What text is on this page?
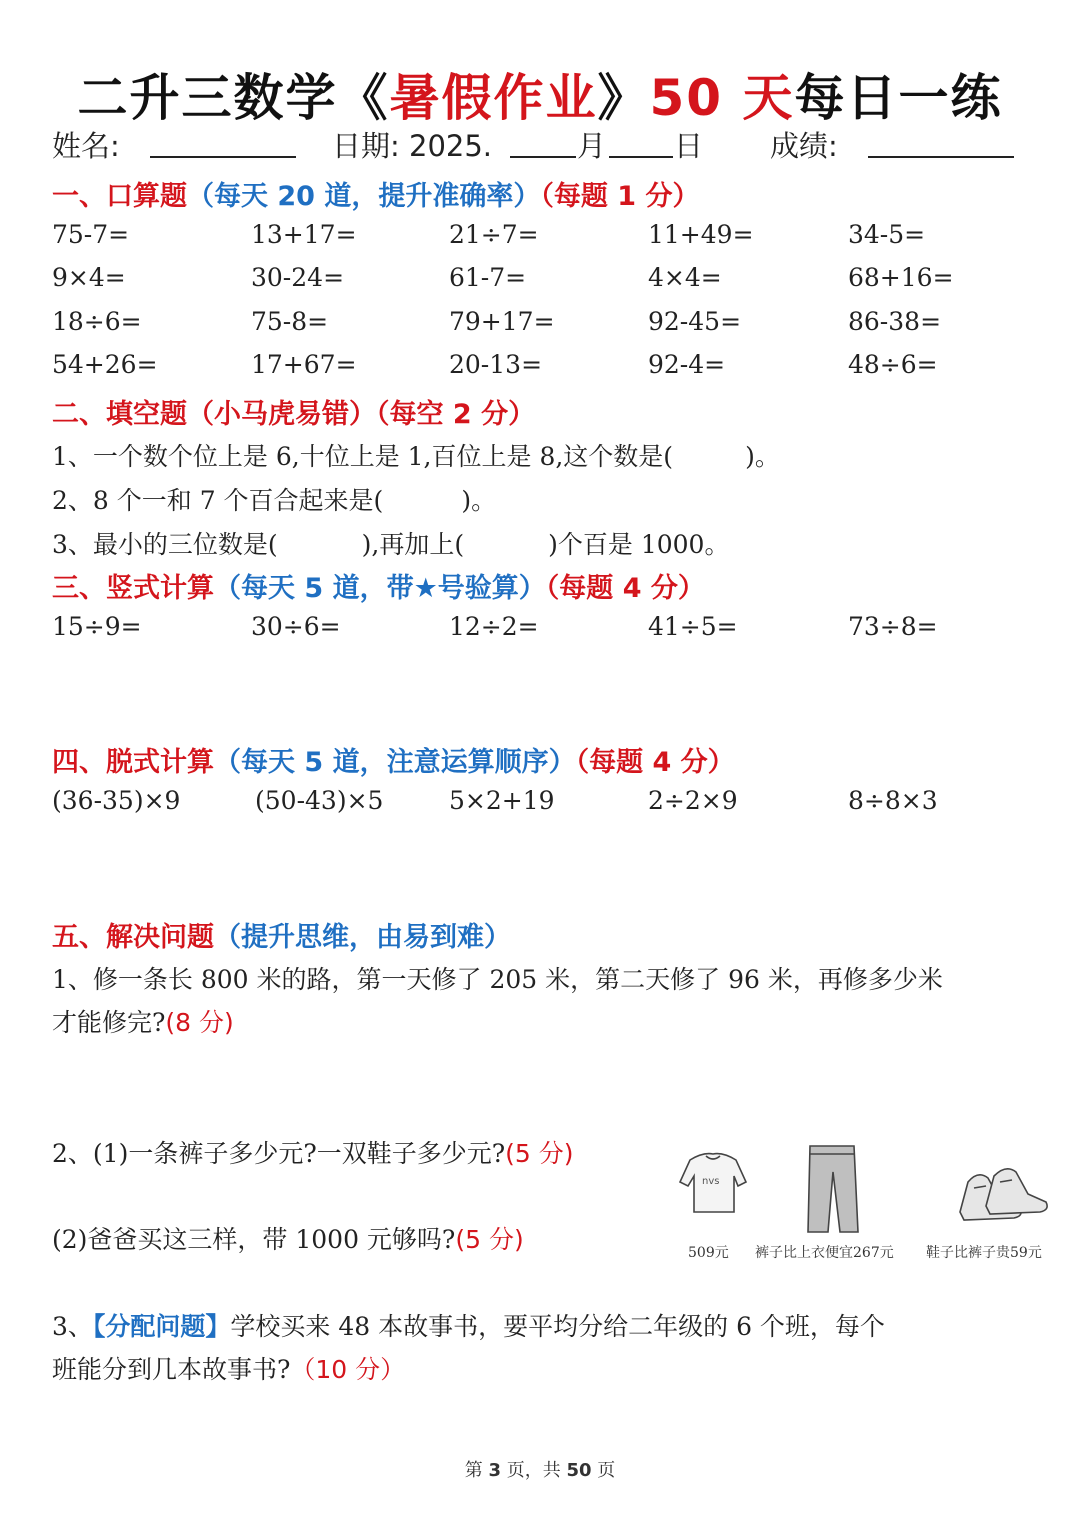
二升三数学《暑假作业》50 天每日一练
姓名:	日期: 2025.	月 日 成绩:
一、口算题（每天 20 道，提升准确率）（每题 1 分）
75-7=	13+17=	21÷7=	11+49=	34-5=
9×4=	30-24=	61-7=	4×4=	68+16=
18÷6=	75-8=	79+17=	92-45=	86-38=
54+26=	17+67=	20-13=	92-4=	48÷6=
二、填空题（小马虎易错）（每空 2 分）
1、一个数个位上是 6,十位上是 1,百位上是 8,这个数是(	)。
2、8 个一和 7 个百合起来是(	)。
3、最小的三位数是(	),再加上(	)个百是 1000。
三、竖式计算（每天 5 道，带★号验算）（每题 4 分）
15÷9=	30÷6=	12÷2=	41÷5=	73÷8=
四、脱式计算（每天 5 道，注意运算顺序）（每题 4 分）
(36-35)×9	(50-43)×5	5×2+19	2÷2×9	8÷8×3
五、解决问题（提升思维，由易到难）
1、修一条长 800 米的路，第一天修了 205 米，第二天修了 96 米，再修多少米
才能修完?(8 分)
2、(1)一条裤子多少元?一双鞋子多少元?(5 分)
(2)爸爸买这三样，带 1000 元够吗?(5 分)
nvs
509元 裤子比上衣便宜267元 鞋子比裤子贵59元
3、【分配问题】学校买来 48 本故事书，要平均分给二年级的 6 个班，每个
班能分到几本故事书?（10 分）
第 3 页，共 50 页
